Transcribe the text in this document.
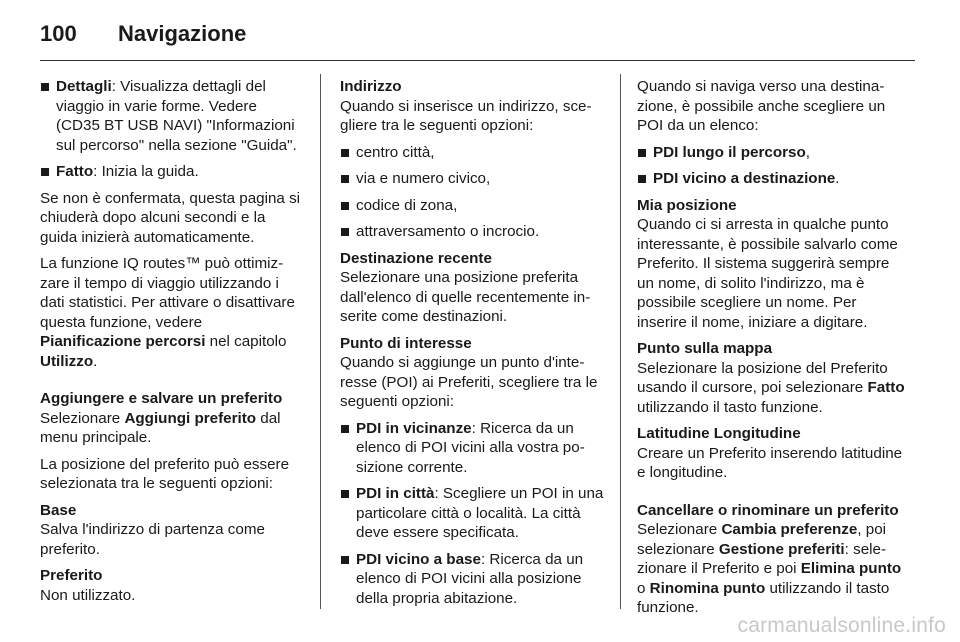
100	Navigazione
Dettagli: Visualizza dettagli del viaggio in varie forme. Vedere (CD35 BT USB NAVI) "Informazioni sul percorso" nella sezione "Guida".
Fatto: Inizia la guida.
Se non è confermata, questa pagina si chiuderà dopo alcuni secondi e la guida inizierà automaticamente.
La funzione IQ routes™ può ottimizzare il tempo di viaggio utilizzando i dati statistici. Per attivare o disattivare questa funzione, vedere
Pianificazione percorsi nel capitolo
Utilizzo.
Aggiungere e salvare un preferito
Selezionare Aggiungi preferito dal menu principale.
La posizione del preferito può essere selezionata tra le seguenti opzioni:
Base
Salva l'indirizzo di partenza come preferito.
Preferito
Non utilizzato.
Indirizzo
Quando si inserisce un indirizzo, scegliere tra le seguenti opzioni:
centro città,
via e numero civico,
codice di zona,
attraversamento o incrocio.
Destinazione recente
Selezionare una posizione preferita dall'elenco di quelle recentemente inserite come destinazioni.
Punto di interesse
Quando si aggiunge un punto d'interesse (POI) ai Preferiti, scegliere tra le seguenti opzioni:
PDI in vicinanze: Ricerca da un elenco di POI vicini alla vostra posizione corrente.
PDI in città: Scegliere un POI in una particolare città o località. La città deve essere specificata.
PDI vicino a base: Ricerca da un elenco di POI vicini alla posizione della propria abitazione.
Quando si naviga verso una destinazione, è possibile anche scegliere un POI da un elenco:
PDI lungo il percorso,
PDI vicino a destinazione.
Mia posizione
Quando ci si arresta in qualche punto interessante, è possibile salvarlo come Preferito. Il sistema suggerirà sempre un nome, di solito l'indirizzo, ma è possibile scegliere un nome. Per inserire il nome, iniziare a digitare.
Punto sulla mappa
Selezionare la posizione del Preferito usando il cursore, poi selezionare Fatto utilizzando il tasto funzione.
Latitudine Longitudine
Creare un Preferito inserendo latitudine e longitudine.
Cancellare o rinominare un preferito
Selezionare Cambia preferenze, poi selezionare Gestione preferiti: selezionare il Preferito e poi Elimina punto o Rinomina punto utilizzando il tasto funzione.
carmanualsonline.info
